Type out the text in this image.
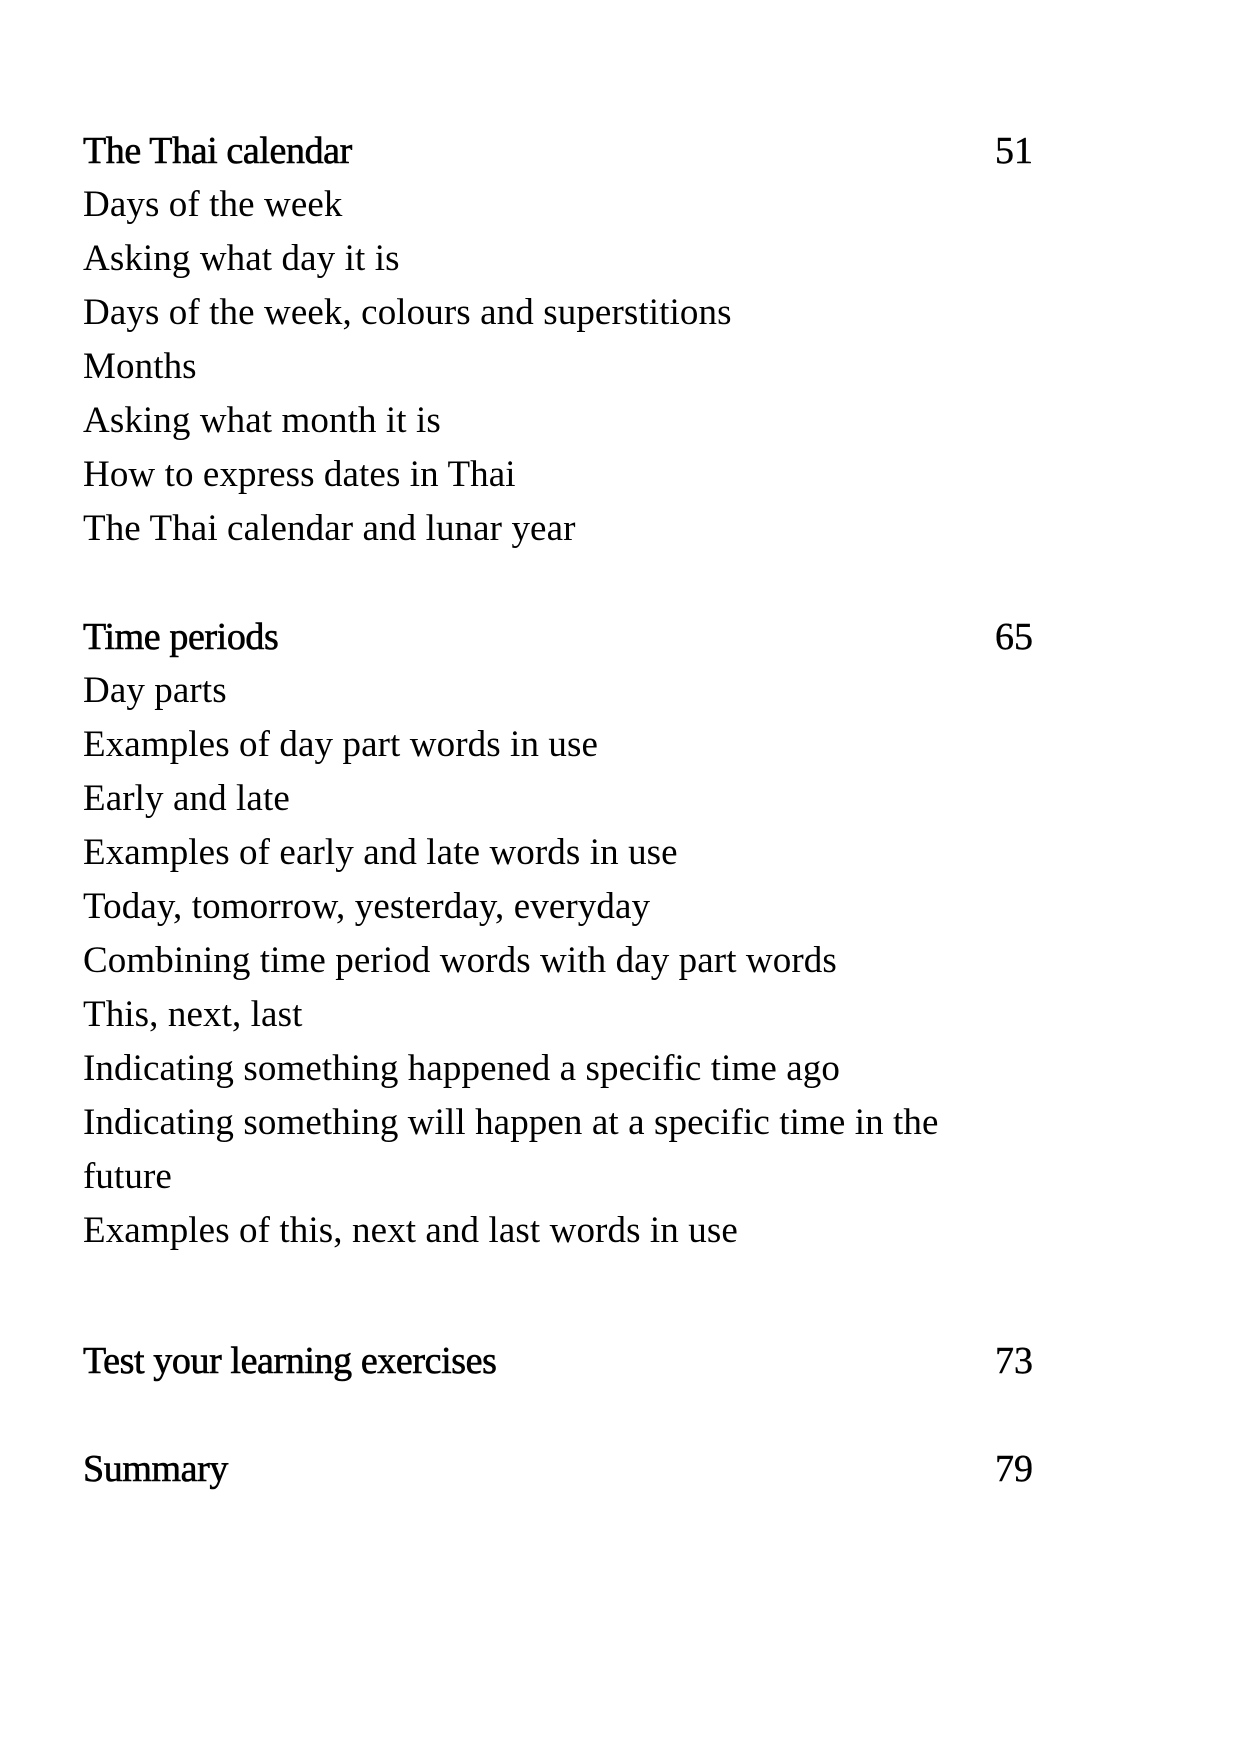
The Thai calendar	51
Days of the week
Asking what day it is
Days of the week, colours and superstitions
Months
Asking what month it is
How to express dates in Thai
The Thai calendar and lunar year
Time periods	65
Day parts
Examples of day part words in use
Early and late
Examples of early and late words in use
Today, tomorrow, yesterday, everyday
Combining time period words with day part words
This, next, last
Indicating something happened a specific time ago
Indicating something will happen at a specific time in the future
Examples of this, next and last words in use
Test your learning exercises	73
Summary	79
